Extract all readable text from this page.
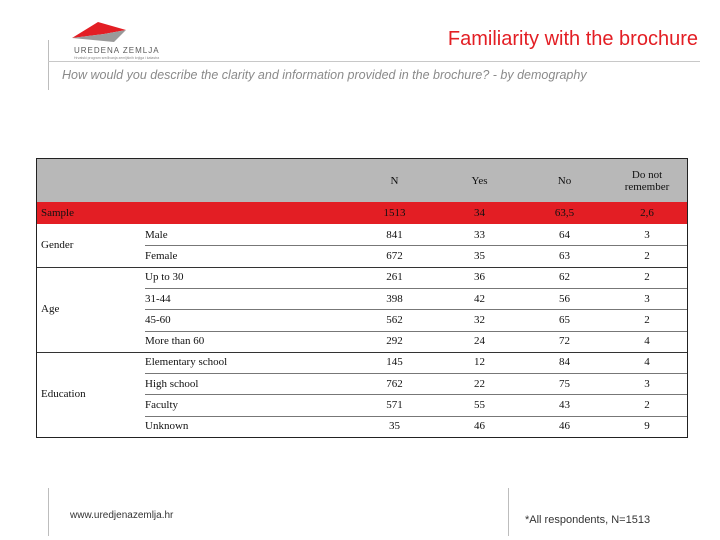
UREDENA ZEMLJA
Hrvatski program sređivanja zemljišnih knjiga i katastra
Familiarity with the brochure
How would you describe the clarity and information provided in the brochure? - by demography
N	Yes	No	Do not remember
Sample	1513	34	63,5	2,6
Male	841	33	64	3
Female	672	35	63	2
Gender
Up to 30	261	36	62	2
31-44	398	42	56	3
45-60	562	32	65	2
More than 60	292	24	72	4
Age
Elementary school	145	12	84	4
High school	762	22	75	3
Faculty	571	55	43	2
Unknown	35	46	46	9
Education
www.uredjenazemlja.hr	*All respondents, N=1513
